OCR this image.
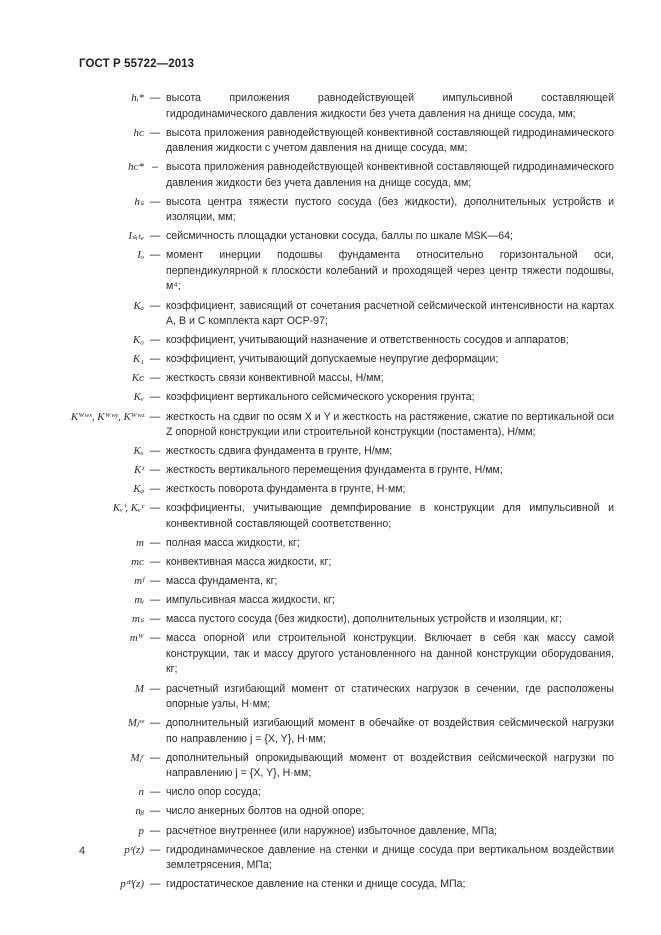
ГОСТ Р 55722—2013
hᵢ* — высота приложения равнодействующей импульсивной составляющей гидродинамического давления жидкости без учета давления на днище сосуда, мм;
hᴄ — высота приложения равнодействующей конвективной составляющей гидродинамического давления жидкости с учетом давления на днище сосуда, мм;
hᴄ* – высота приложения равнодействующей конвективной составляющей гидродинамического давления жидкости без учета давления на днище сосуда, мм;
hₛ — высота центра тяжести пустого сосуда (без жидкости), дополнительных устройств и изоляции, мм;
Iₛᵢₜₑ — сейсмичность площадки установки сосуда, баллы по шкале MSK—64;
Iₒ — момент инерции подошвы фундамента относительно горизонтальной оси, перпендикулярной к плоскости колебаний и проходящей через центр тяжести подошвы, м⁴;
Kₐ — коэффициент, зависящий от сочетания расчетной сейсмической интенсивности на картах А, В и С комплекта карт ОСР-97;
K₀ — коэффициент, учитывающий назначение и ответственность сосудов и аппаратов;
K₁ — коэффициент, учитывающий допускаемые неупругие деформации;
Kᴄ — жесткость связи конвективной массы, Н/мм;
Kᵥ — коэффициент вертикального сейсмического ускорения грунта;
Kᵂʷˣ, Kᵂʷʸ, Kᵂʷᶻ — жесткость на сдвиг по осям X и Y и жесткость на растяжение, сжатие по вертикальной оси Z опорной конструкции или строительной конструкции (постамента), Н/мм;
Kₓ — жесткость сдвига фундамента в грунте, Н/мм;
Kᶻ — жесткость вертикального перемещения фундамента в грунте, Н/мм;
Kᵩ — жесткость поворота фундамента в грунте, Н·мм;
Kᵥⁱ, Kᵥᶜ — коэффициенты, учитывающие демпфирование в конструкции для импульсивной и конвективной составляющей соответственно;
m — полная масса жидкости, кг;
mᴄ — конвективная масса жидкости, кг;
mᶠ — масса фундамента, кг;
mᵢ — импульсивная масса жидкости, кг;
mₛ — масса пустого сосуда (без жидкости), дополнительных устройств и изоляции, кг;
mᵂ — масса опорной или строительной конструкции. Включает в себя как массу самой конструкции, так и массу другого установленного на данной конструкции оборудования, кг;
M — расчетный изгибающий момент от статических нагрузок в сечении, где расположены опорные узлы, Н·мм;
Mⱼˢᵉ — дополнительный изгибающий момент в обечайке от воздействия сейсмической нагрузки по направлению j = {X, Y}, Н·мм;
Mⱼʳ — дополнительный опрокидывающий момент от воздействия сейсмической нагрузки по направлению j = {X, Y}, Н·мм;
n — число опор сосуда;
nᵦ — число анкерных болтов на одной опоре;
p — расчетное внутреннее (или наружное) избыточное давление, МПа;
pᶻ(z) — гидродинамическое давление на стенки и днище сосуда при вертикальном воздействии землетрясения, МПа;
pᶻᴴ(z) — гидростатическое давление на стенки и днище сосуда, МПа;
4
